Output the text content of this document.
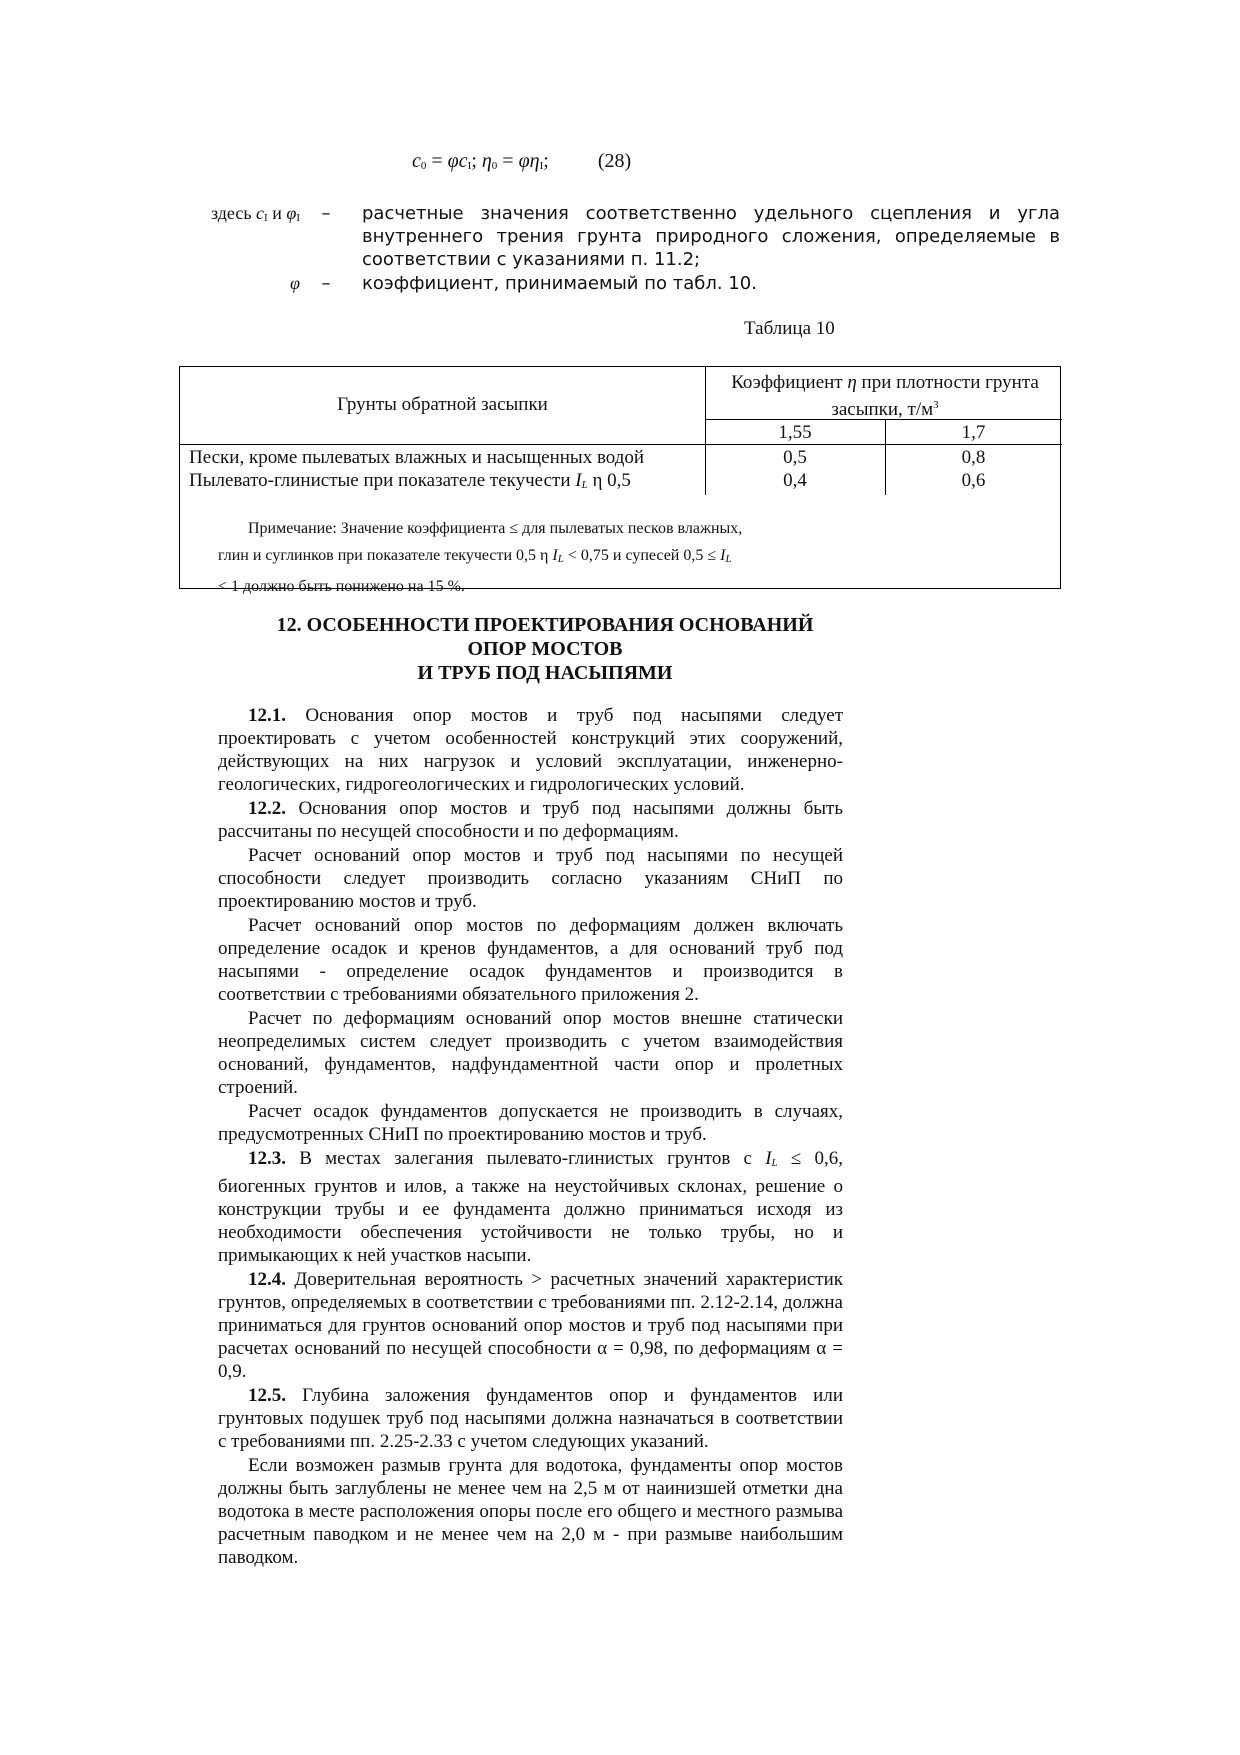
$c_0 = \varphi c_I$; $\eta_0 = \varphi\eta_I$; (28)
здесь $c_I$ и $\varphi_I$	–	расчетные значения соответственно удельного сцепления и угла внутреннего трения грунта природного сложения, определяемые в соответствии с указаниями п. 11.2;
φ	–	коэффициент, принимаемый по табл. 10.
Таблица 10
Грунты обратной засыпки
Коэффициент η при плотности грунта засыпки, $т/м^3$
1,55	1,7
Пески, кроме пылеватых влажных и насыщенных водой	0,5	0,8
Пылевато-глинистые при показателе текучести $I_L$ η 0,5	0,4	0,6

Примечание: Значение коэффициента ≤ для пылеватых песков влажных,

глин и суглинков при показателе текучести 0,5 η $I_L < 0,75$ и супесей $0,5 \le I_L$

< 1 должно быть понижено на 15 %.

12. ОСОБЕННОСТИ ПРОЕКТИРОВАНИЯ ОСНОВАНИЙ
ОПОР МОСТОВ
И ТРУБ ПОД НАСЫПЯМИ

12.1. Основания опор мостов и труб под насыпями следует проектировать с учетом особенностей конструкций этих сооружений, действующих на них нагрузок и условий эксплуатации, инженерно-геологических, гидрогеологических и гидрологических условий.

12.2. Основания опор мостов и труб под насыпями должны быть рассчитаны по несущей способности и по деформациям.

Расчет оснований опор мостов и труб под насыпями по несущей способности следует производить согласно указаниям СНиП по проектированию мостов и труб.

Расчет оснований опор мостов по деформациям должен включать определение осадок и кренов фундаментов, а для оснований труб под насыпями - определение осадок фундаментов и производится в соответствии с требованиями обязательного приложения 2.

Расчет по деформациям оснований опор мостов внешне статически неопределимых систем следует производить с учетом взаимодействия оснований, фундаментов, надфундаментной части опор и пролетных строений.

Расчет осадок фундаментов допускается не производить в случаях, предусмотренных СНиП по проектированию мостов и труб.

12.3. В местах залегания пылевато-глинистых грунтов с $I_L \le 0,6$, биогенных грунтов и илов, а также на неустойчивых склонах, решение о конструкции трубы и ее фундамента должно приниматься исходя из необходимости обеспечения устойчивости не только трубы, но и примыкающих к ней участков насыпи.

12.4. Доверительная вероятность > расчетных значений характеристик грунтов, определяемых в соответствии с требованиями пп. 2.12-2.14, должна приниматься для грунтов оснований опор мостов и труб под насыпями при расчетах оснований по несущей способности α = 0,98, по деформациям α = 0,9.

12.5. Глубина заложения фундаментов опор и фундаментов или грунтовых подушек труб под насыпями должна назначаться в соответствии с требованиями пп. 2.25-2.33 с учетом следующих указаний.

Если возможен размыв грунта для водотока, фундаменты опор мостов должны быть заглублены не менее чем на 2,5 м от наинизшей отметки дна водотока в месте расположения опоры после его общего и местного размыва расчетным паводком и не менее чем на 2,0 м - при размыве наибольшим паводком.
